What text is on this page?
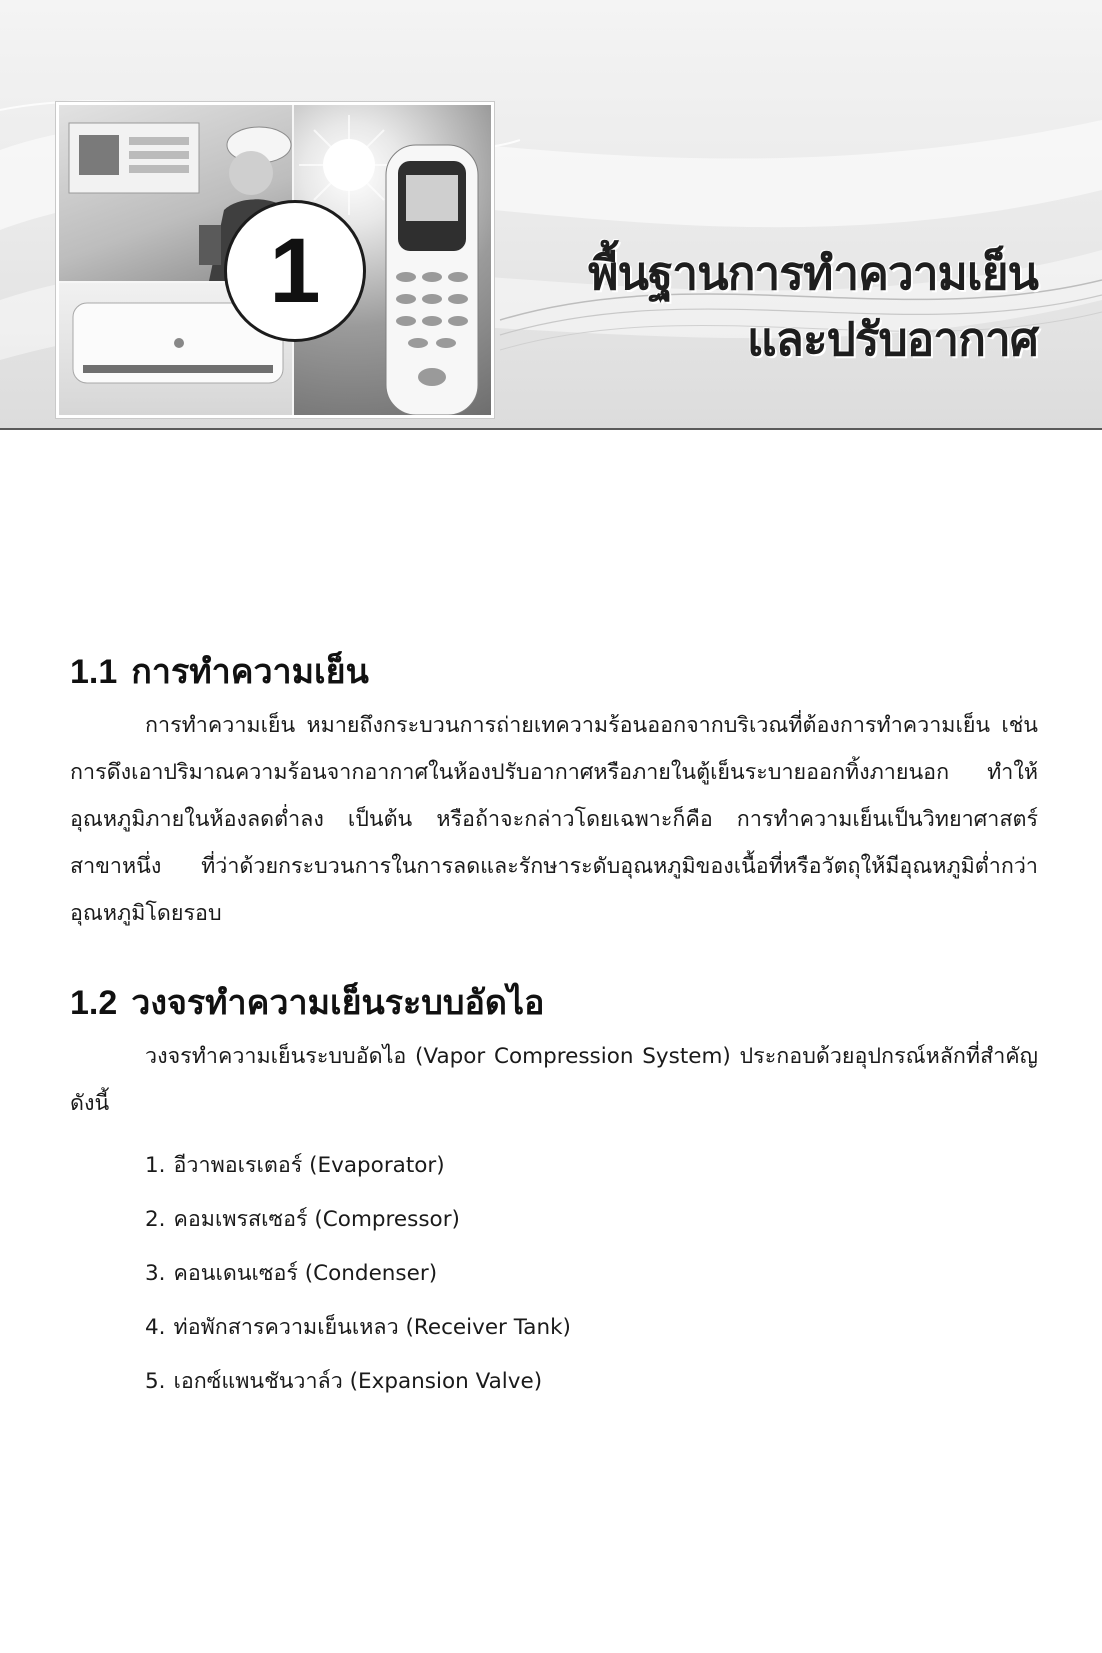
1	พื้นฐานการทำความเย็น
และปรับอากาศ
1.1 การทำความเย็น

การทำความเย็น หมายถึงกระบวนการถ่ายเทความร้อนออกจากบริเวณที่ต้องการทำความเย็น เช่น การดึงเอาปริมาณความร้อนจากอากาศในห้องปรับอากาศหรือภายในตู้เย็นระบายออกทิ้งภายนอก ทำให้อุณหภูมิภายในห้องลดต่ำลง เป็นต้น หรือถ้าจะกล่าวโดยเฉพาะก็คือ การทำความเย็นเป็นวิทยาศาสตร์สาขาหนึ่ง ที่ว่าด้วยกระบวนการในการลดและรักษาระดับอุณหภูมิของเนื้อที่หรือวัตถุให้มีอุณหภูมิต่ำกว่าอุณหภูมิโดยรอบ

1.2 วงจรทำความเย็นระบบอัดไอ

วงจรทำความเย็นระบบอัดไอ (Vapor Compression System) ประกอบด้วยอุปกรณ์หลักที่สำคัญดังนี้

1. อีวาพอเรเตอร์ (Evaporator)
2. คอมเพรสเซอร์ (Compressor)
3. คอนเดนเซอร์ (Condenser)
4. ท่อพักสารความเย็นเหลว (Receiver Tank)
5. เอกซ์แพนชันวาล์ว (Expansion Valve)
